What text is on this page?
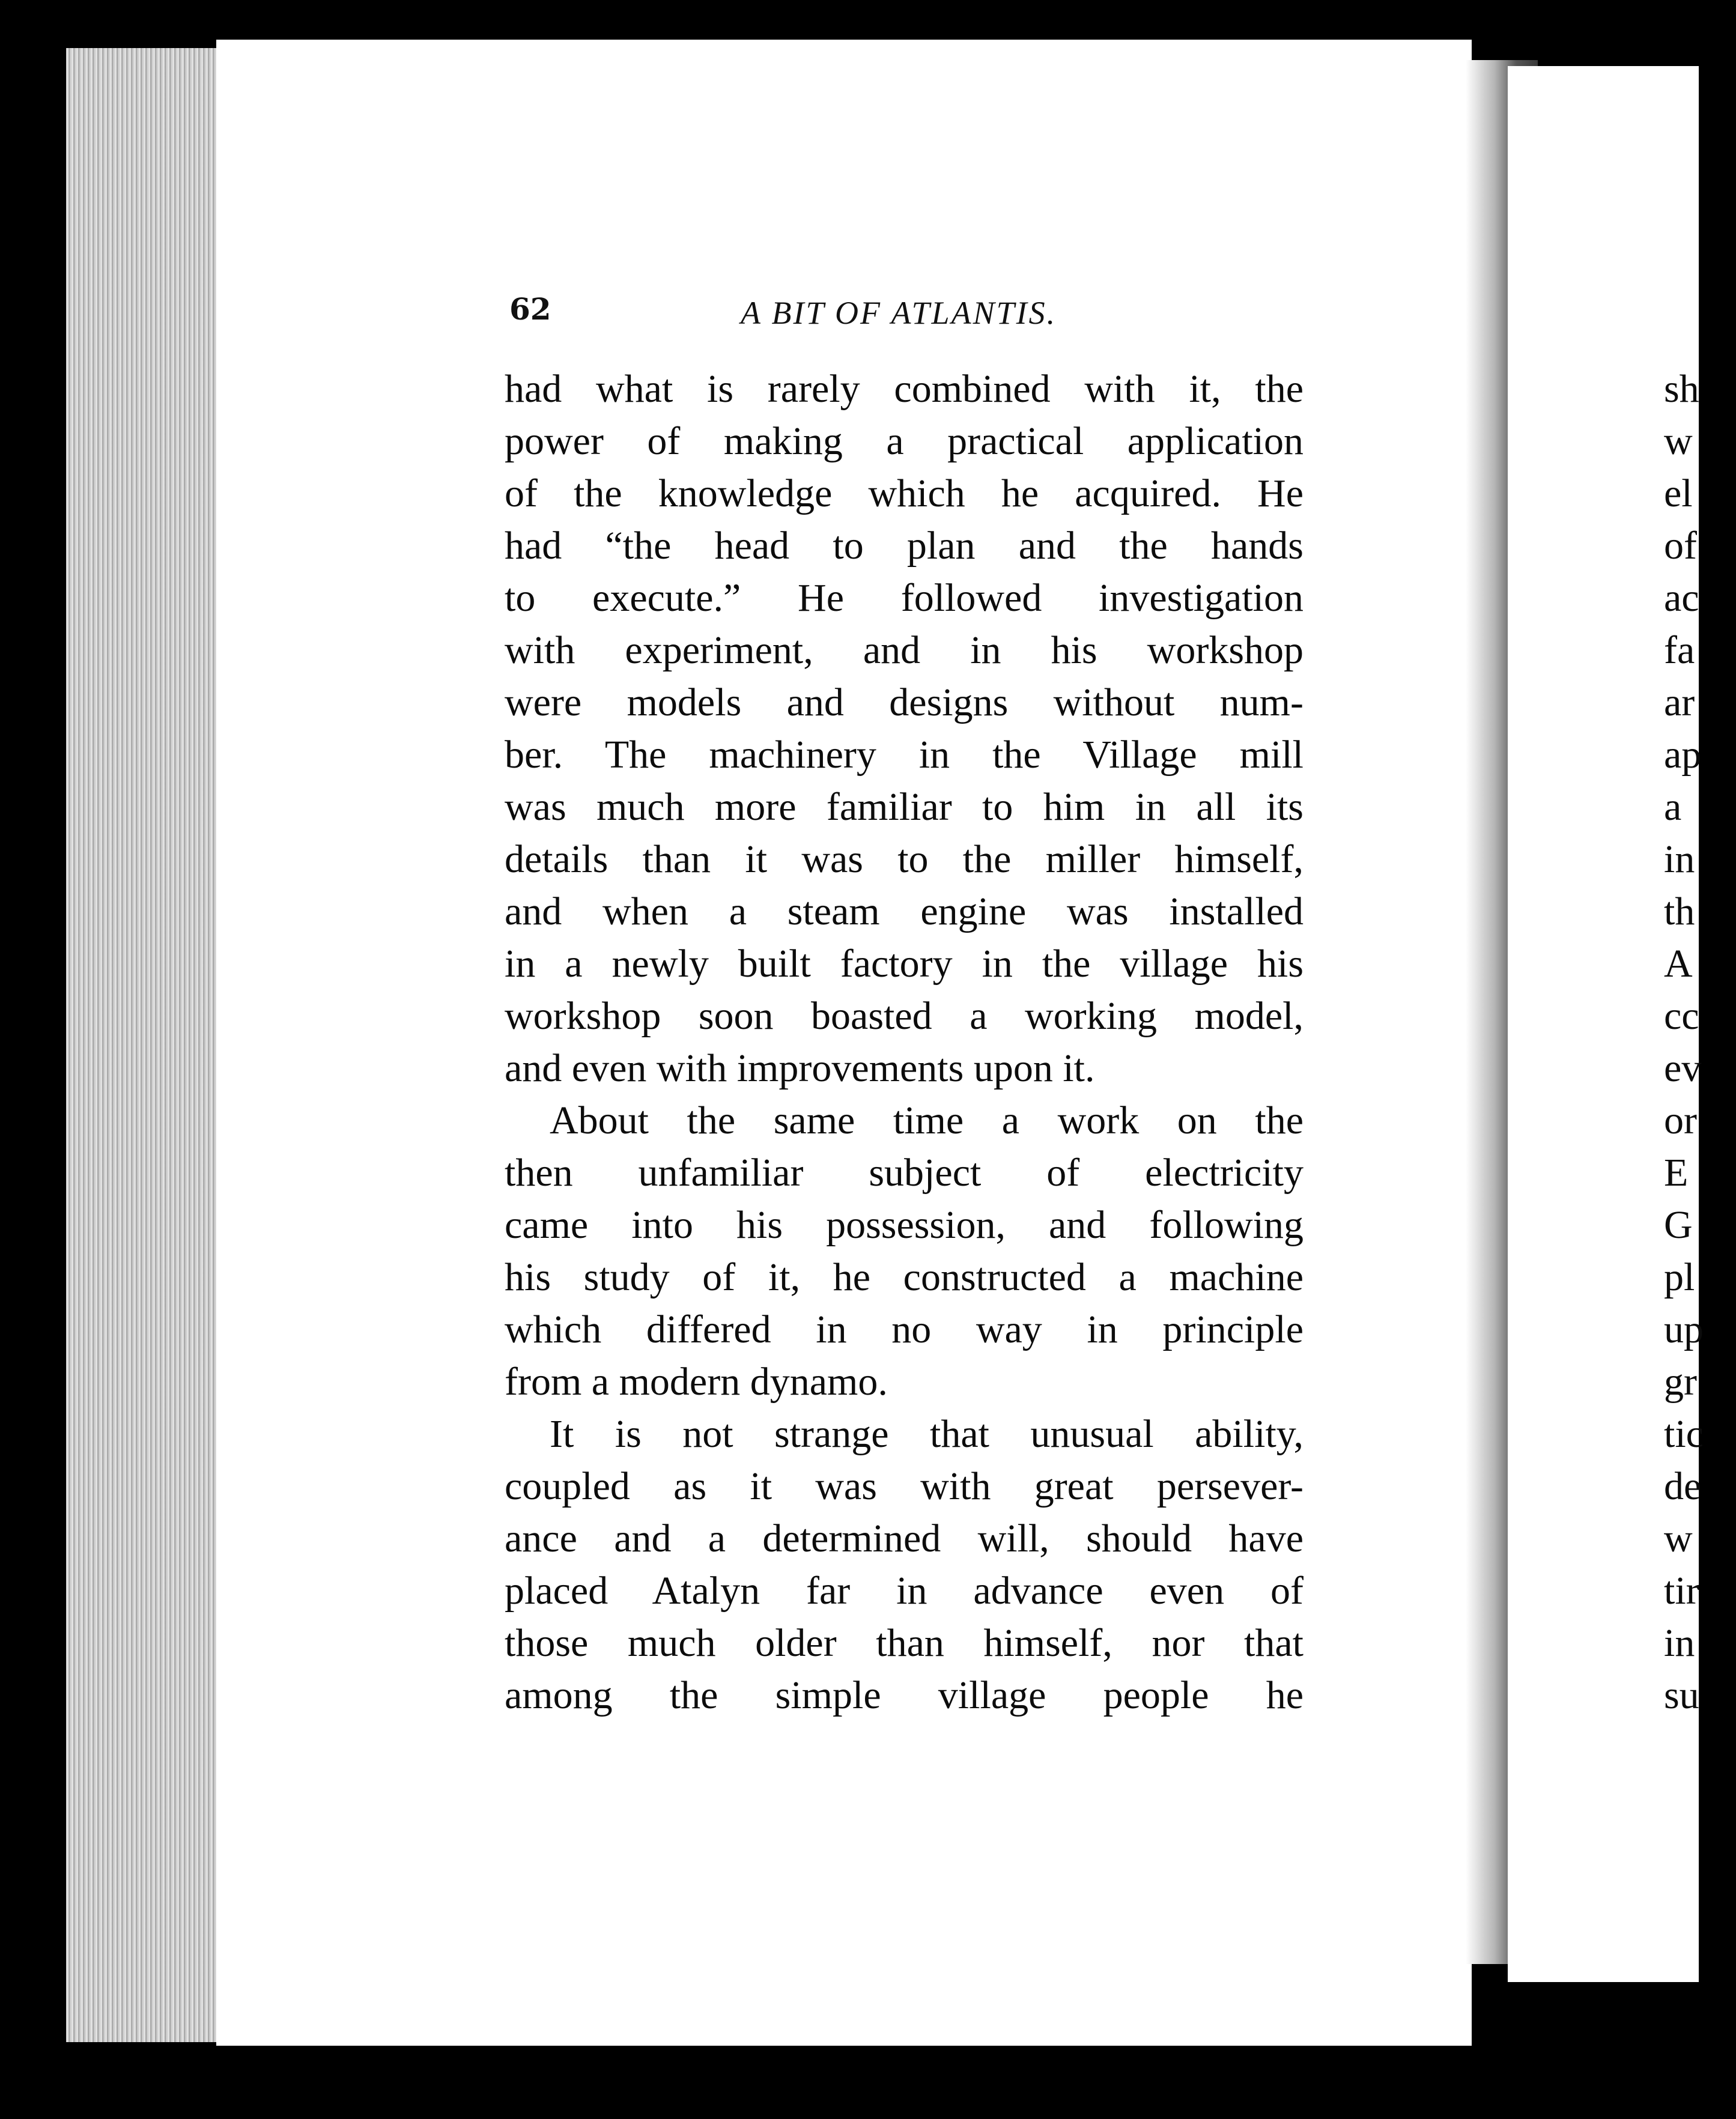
62	A BIT OF ATLANTIS.
had what is rarely combined with it, the
power of making a practical application
of the knowledge which he acquired. He
had “the head to plan and the hands
to execute.” He followed investigation
with experiment, and in his workshop
were models and designs without num-
ber. The machinery in the Village mill
was much more familiar to him in all its
details than it was to the miller himself,
and when a steam engine was installed
in a newly built factory in the village his
workshop soon boasted a working model,
and even with improvements upon it.
About the same time a work on the
then unfamiliar subject of electricity
came into his possession, and following
his study of it, he constructed a machine
which differed in no way in principle
from a modern dynamo.
It is not strange that unusual ability,
coupled as it was with great persever-
ance and a determined will, should have
placed Atalyn far in advance even of
those much older than himself, nor that
among the simple village people he
sh
w
el
of
ac
fa
ar
ap
a
in
th
A
cc
ev
or
E
G
pl
up
gr
tic
de
w
tir
in
su
